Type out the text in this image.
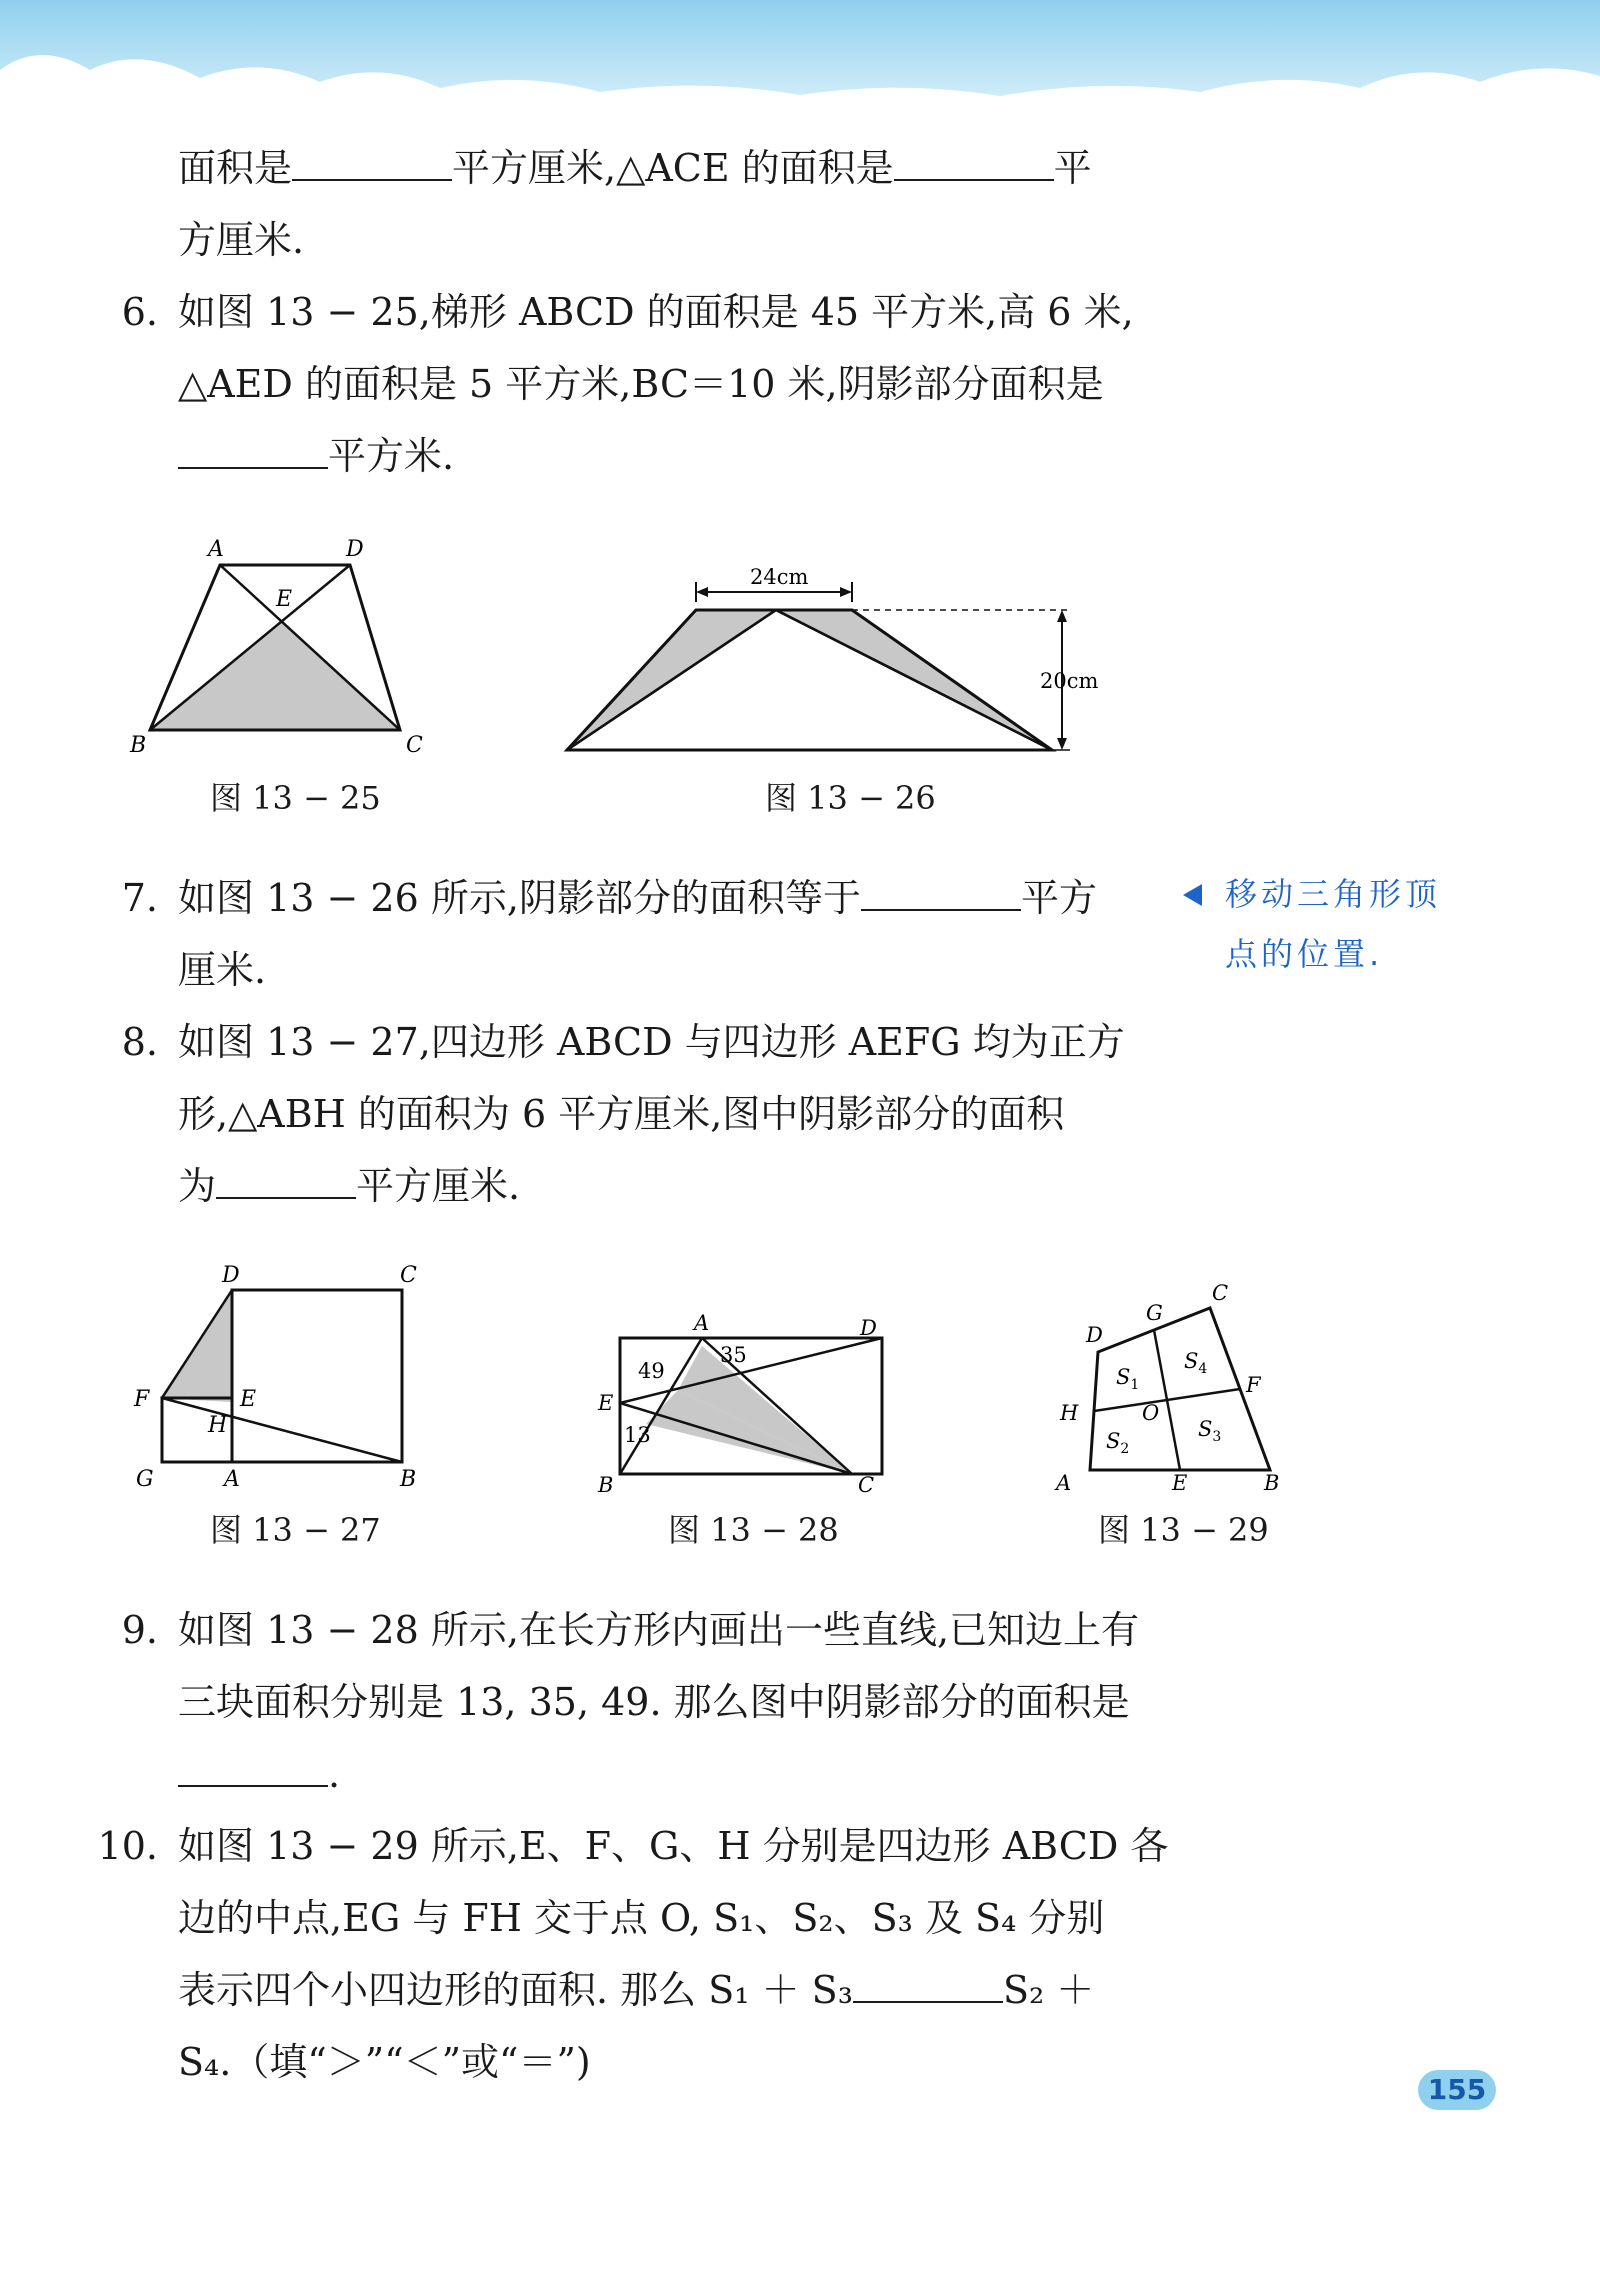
面积是	平方厘米,△ACE 的面积是	平
方厘米.
6. 如图 13 − 25,梯形 ABCD 的面积是 45 平方米,高 6 米,
△AED 的面积是 5 平方米,BC＝10 米,阴影部分面积是
平方米.
A	D
E
B	C
图 13 − 25
24cm
20cm
图 13 − 26
7. 如图 13 − 26 所示,阴影部分的面积等于	平方
厘米.
移动三角形顶
点的位置.
8. 如图 13 − 27,四边形 ABCD 与四边形 AEFG 均为正方
形,△ABH 的面积为 6 平方厘米,图中阴影部分的面积
为	平方厘米.
D	C
F	E
H
G	A	B
图 13 − 27
A	D
E
B	C
49
35
13
图 13 − 28
C
G
D
F
H	O
A	E	B
$S_1$
$S_4$
$S_2$
$S_3$
图 13 − 29
9. 如图 13 − 28 所示,在长方形内画出一些直线,已知边上有
三块面积分别是 13, 35, 49. 那么图中阴影部分的面积是
.
10. 如图 13 − 29 所示,E、F、G、H 分别是四边形 ABCD 各
边的中点,EG 与 FH 交于点 O, S₁、S₂、S₃ 及 S₄ 分别
表示四个小四边形的面积. 那么 S₁ ＋ S₃	S₂ ＋
S₄.（填“＞”“＜”或“＝”)
155
